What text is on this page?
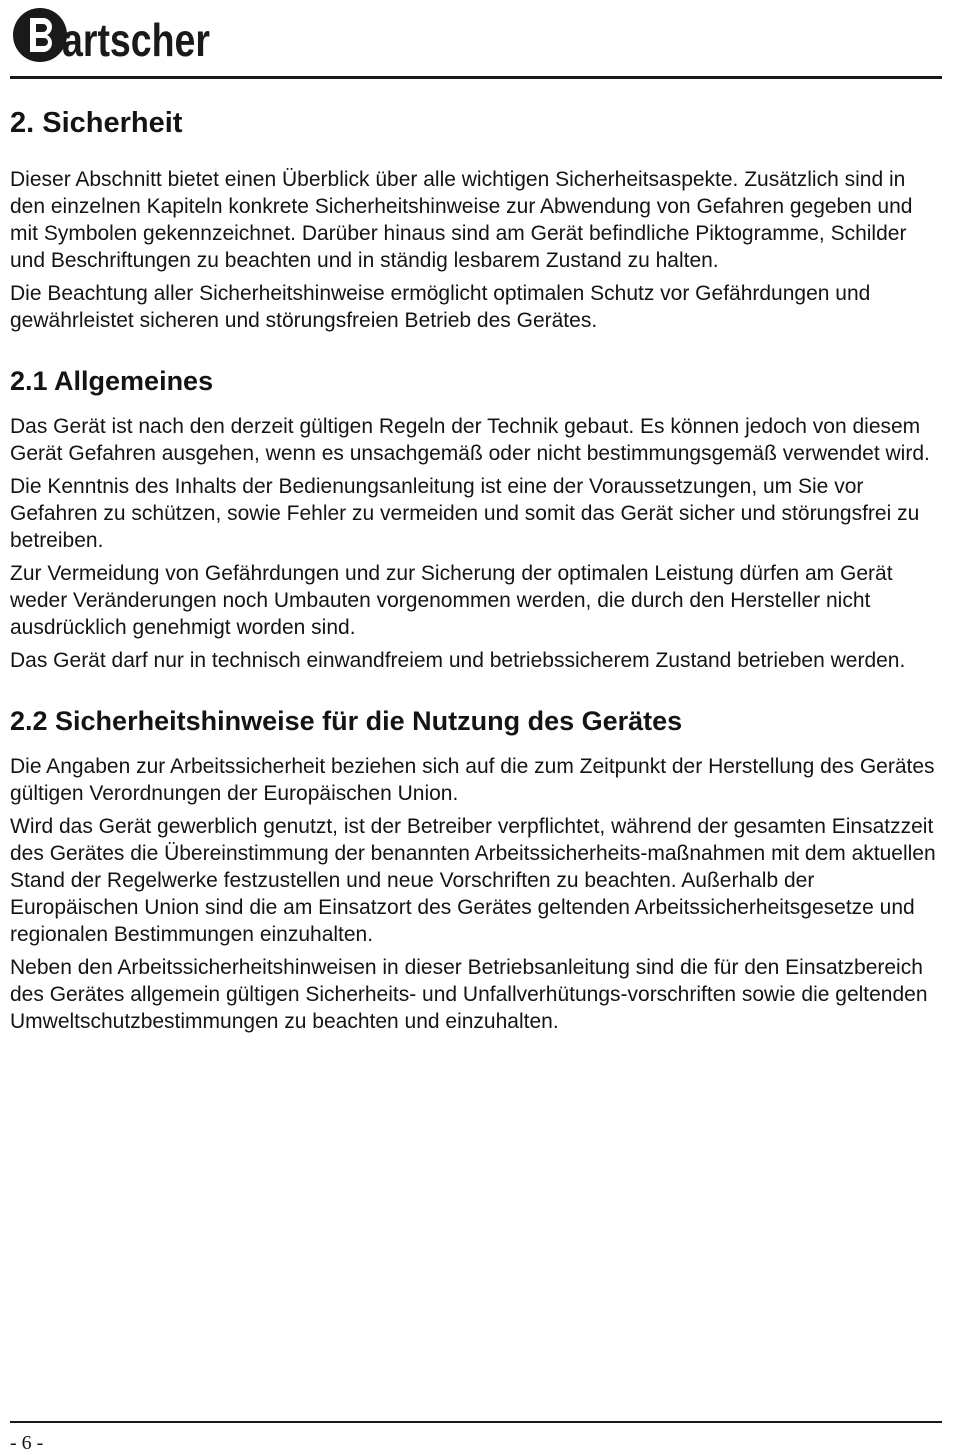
artscher
2. Sicherheit

Dieser Abschnitt bietet einen Überblick über alle wichtigen Sicherheitsaspekte. Zusätzlich sind in den einzelnen Kapiteln konkrete Sicherheitshinweise zur Abwendung von Gefahren gegeben und mit Symbolen gekennzeichnet. Darüber hinaus sind am Gerät befindliche Piktogramme, Schilder und Beschriftungen zu beachten und in ständig lesbarem Zustand zu halten.

Die Beachtung aller Sicherheitshinweise ermöglicht optimalen Schutz vor Gefährdungen und gewährleistet sicheren und störungsfreien Betrieb des Gerätes.

2.1 Allgemeines

Das Gerät ist nach den derzeit gültigen Regeln der Technik gebaut. Es können jedoch von diesem Gerät Gefahren ausgehen, wenn es unsachgemäß oder nicht bestimmungsgemäß verwendet wird.

Die Kenntnis des Inhalts der Bedienungsanleitung ist eine der Voraussetzungen, um Sie vor Gefahren zu schützen, sowie Fehler zu vermeiden und somit das Gerät sicher und störungsfrei zu betreiben.

Zur Vermeidung von Gefährdungen und zur Sicherung der optimalen Leistung dürfen am Gerät weder Veränderungen noch Umbauten vorgenommen werden, die durch den Hersteller nicht ausdrücklich genehmigt worden sind.

Das Gerät darf nur in technisch einwandfreiem und betriebssicherem Zustand betrieben werden.

2.2 Sicherheitshinweise für die Nutzung des Gerätes

Die Angaben zur Arbeitssicherheit beziehen sich auf die zum Zeitpunkt der Herstellung des Gerätes gültigen Verordnungen der Europäischen Union.

Wird das Gerät gewerblich genutzt, ist der Betreiber verpflichtet, während der gesamten Einsatzzeit des Gerätes die Übereinstimmung der benannten Arbeitssicherheits-maßnahmen mit dem aktuellen Stand der Regelwerke festzustellen und neue Vorschriften zu beachten. Außerhalb der Europäischen Union sind die am Einsatzort des Gerätes geltenden Arbeitssicherheitsgesetze und regionalen Bestimmungen einzuhalten.

Neben den Arbeitssicherheitshinweisen in dieser Betriebsanleitung sind die für den Einsatzbereich des Gerätes allgemein gültigen Sicherheits- und Unfallverhütungs-vorschriften sowie die geltenden Umweltschutzbestimmungen zu beachten und einzuhalten.

- 6 -
